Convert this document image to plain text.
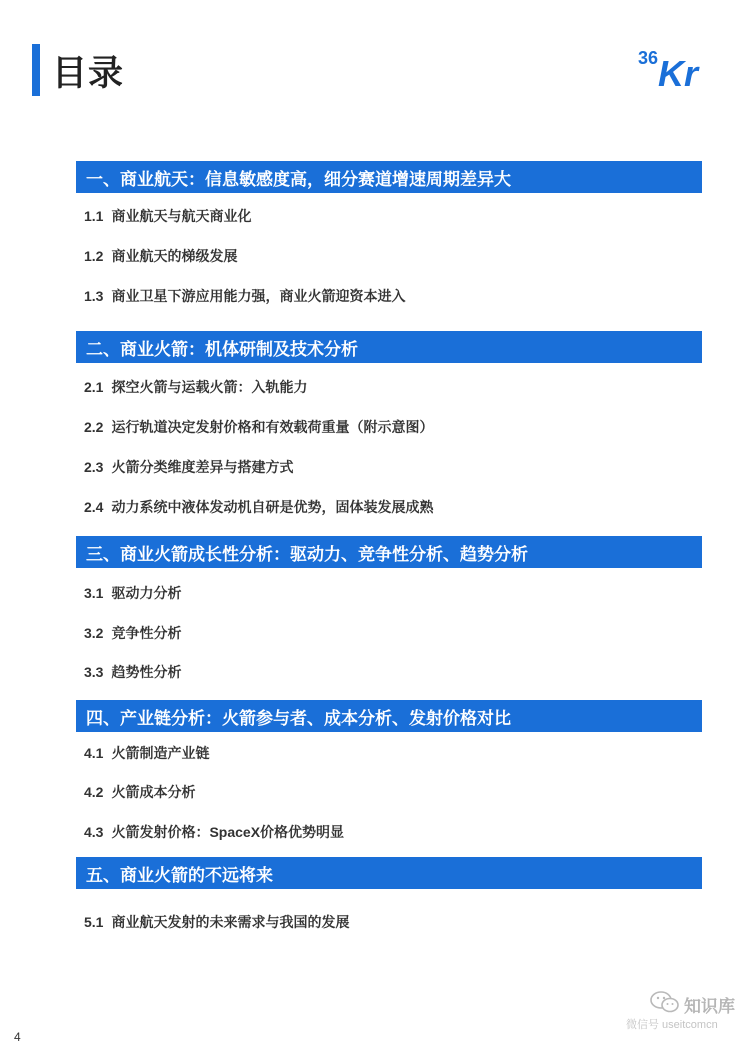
目录	36 Kr
一、商业航天：信息敏感度高，细分赛道增速周期差异大
1.1 商业航天与航天商业化
1.2 商业航天的梯级发展
1.3 商业卫星下游应用能力强，商业火箭迎资本进入
二、商业火箭：机体研制及技术分析
2.1 探空火箭与运载火箭：入轨能力
2.2 运行轨道决定发射价格和有效载荷重量（附示意图）
2.3 火箭分类维度差异与搭建方式
2.4 动力系统中液体发动机自研是优势，固体装发展成熟
三、商业火箭成长性分析：驱动力、竞争性分析、趋势分析
3.1 驱动力分析
3.2 竞争性分析
3.3 趋势性分析
四、产业链分析：火箭参与者、成本分析、发射价格对比
4.1 火箭制造产业链
4.2 火箭成本分析
4.3 火箭发射价格：SpaceX价格优势明显
五、商业火箭的不远将来
5.1 商业航天发射的未来需求与我国的发展
知识库
微信号 useitcomcn
4
